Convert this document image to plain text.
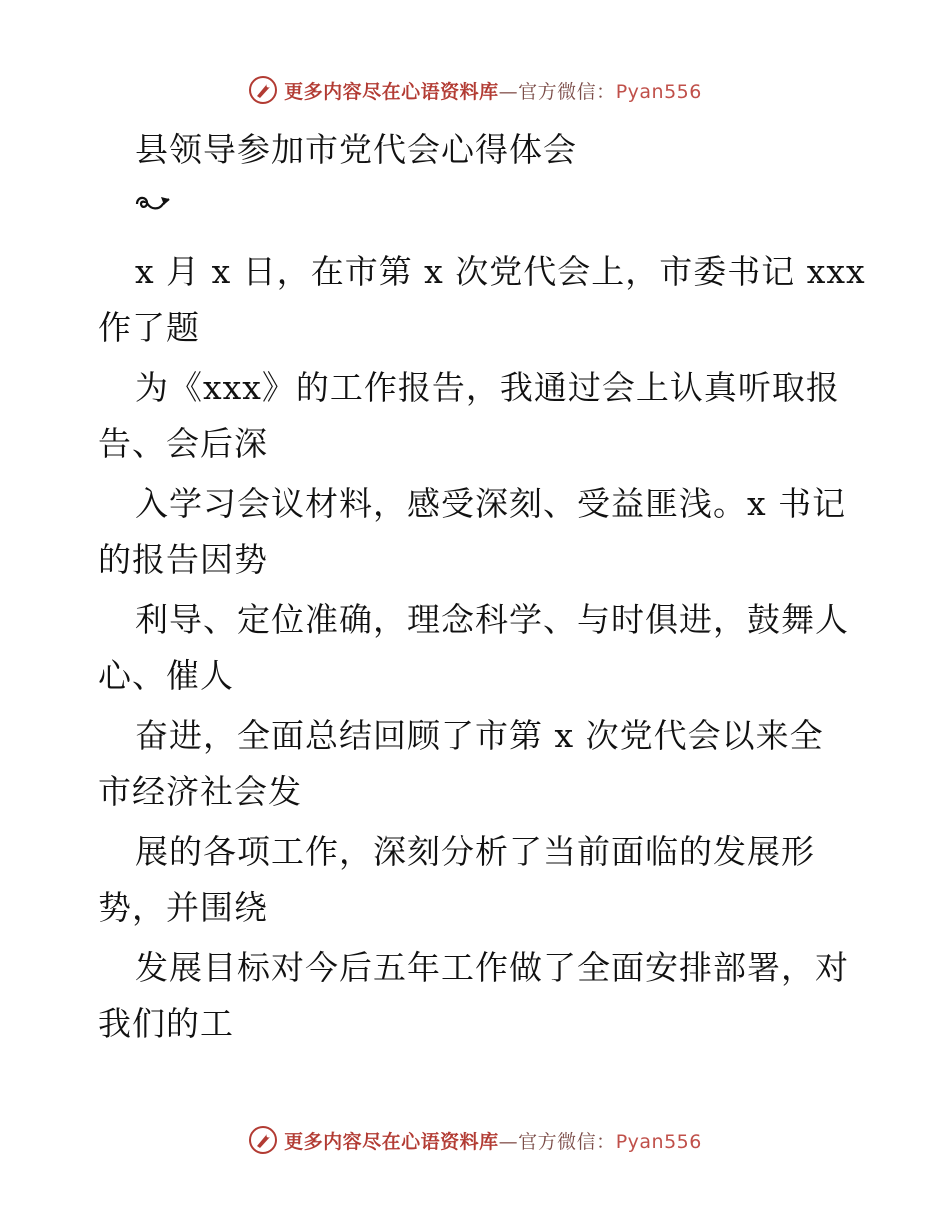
更多内容尽在心语资料库—官方微信：Pyan556
县领导参加市党代会心得体会
x 月 x 日，在市第 x 次党代会上，市委书记 xxx
作了题
为《xxx》的工作报告，我通过会上认真听取报
告、会后深
入学习会议材料，感受深刻、受益匪浅。x 书记
的报告因势
利导、定位准确，理念科学、与时俱进，鼓舞人
心、催人
奋进，全面总结回顾了市第 x 次党代会以来全
市经济社会发
展的各项工作，深刻分析了当前面临的发展形
势，并围绕
发展目标对今后五年工作做了全面安排部署，对
我们的工
更多内容尽在心语资料库—官方微信：Pyan556
